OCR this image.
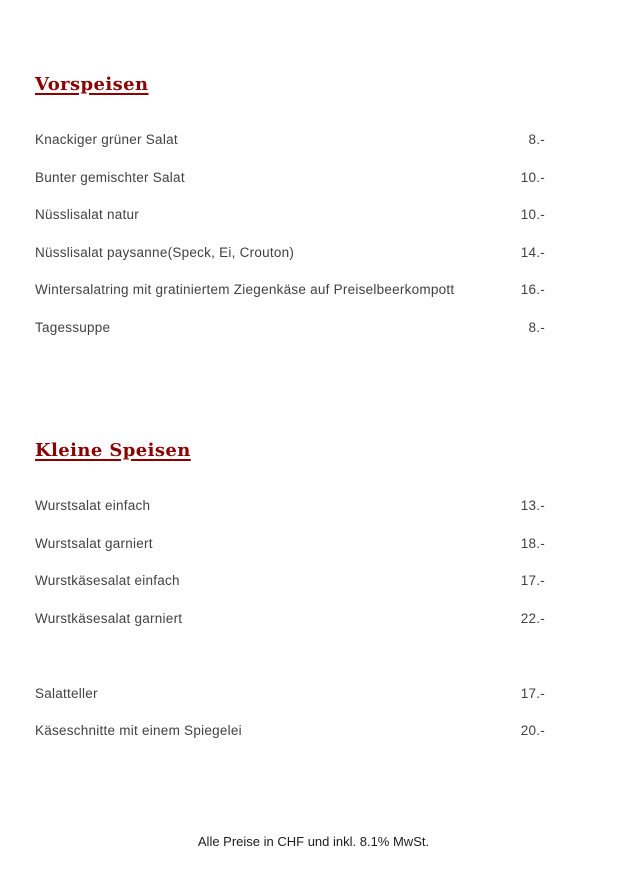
Vorspeisen
Knackiger grüner Salat	8.-
Bunter gemischter Salat	10.-
Nüsslisalat natur	10.-
Nüsslisalat paysanne(Speck, Ei, Crouton)	14.-
Wintersalatring mit gratiniertem Ziegenkäse auf Preiselbeerkompott	16.-
Tagessuppe	8.-
Kleine Speisen
Wurstsalat einfach	13.-
Wurstsalat garniert	18.-
Wurstkäsesalat einfach	17.-
Wurstkäsesalat garniert	22.-
Salatteller	17.-
Käseschnitte mit einem Spiegelei	20.-
Alle Preise in CHF und inkl. 8.1% MwSt.
